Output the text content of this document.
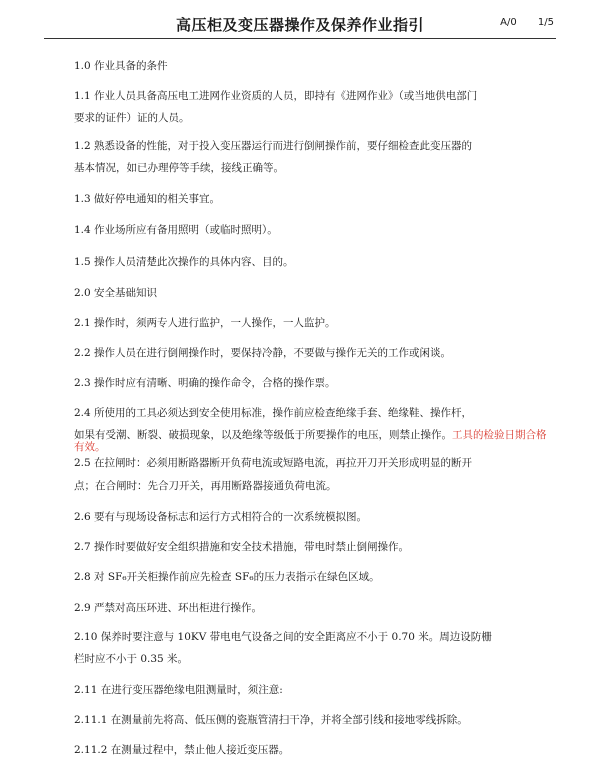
高压柜及变压器操作及保养作业指引	A/0 1/5
1.0 作业具备的条件
1.1 作业人员具备高压电工进网作业资质的人员，即持有《进网作业》（或当地供电部门
要求的证件）证的人员。
1.2 熟悉设备的性能，对于投入变压器运行而进行倒闸操作前，要仔细检查此变压器的
基本情况，如已办理停等手续，接线正确等。
1.3 做好停电通知的相关事宜。
1.4 作业场所应有备用照明（或临时照明）。
1.5 操作人员清楚此次操作的具体内容、目的。
2.0 安全基础知识
2.1 操作时，须两专人进行监护，一人操作，一人监护。
2.2 操作人员在进行倒闸操作时，要保持冷静，不要做与操作无关的工作或闲谈。
2.3 操作时应有清晰、明确的操作命令，合格的操作票。
2.4 所使用的工具必须达到安全使用标准，操作前应检查绝缘手套、绝缘鞋、操作杆，
如果有受潮、断裂、破损现象，以及绝缘等级低于所要操作的电压，则禁止操作。工具的检验日期合格
有效。
2.5 在拉闸时：必须用断路器断开负荷电流或短路电流，再拉开刀开关形成明显的断开
点；在合闸时：先合刀开关，再用断路器接通负荷电流。
2.6 要有与现场设备标志和运行方式相符合的一次系统模拟图。
2.7 操作时要做好安全组织措施和安全技术措施，带电时禁止倒闸操作。
2.8 对 SF₆开关柜操作前应先检查 SF₆的压力表指示在绿色区域。
2.9 严禁对高压环进、环出柜进行操作。
2.10 保养时要注意与 10KV 带电电气设备之间的安全距离应不小于 0.70 米。周边设防栅
栏时应不小于 0.35 米。
2.11 在进行变压器绝缘电阻测量时，须注意:
2.11.1 在测量前先将高、低压侧的瓷瓶管清扫干净，并将全部引线和接地零线拆除。
2.11.2 在测量过程中，禁止他人接近变压器。
